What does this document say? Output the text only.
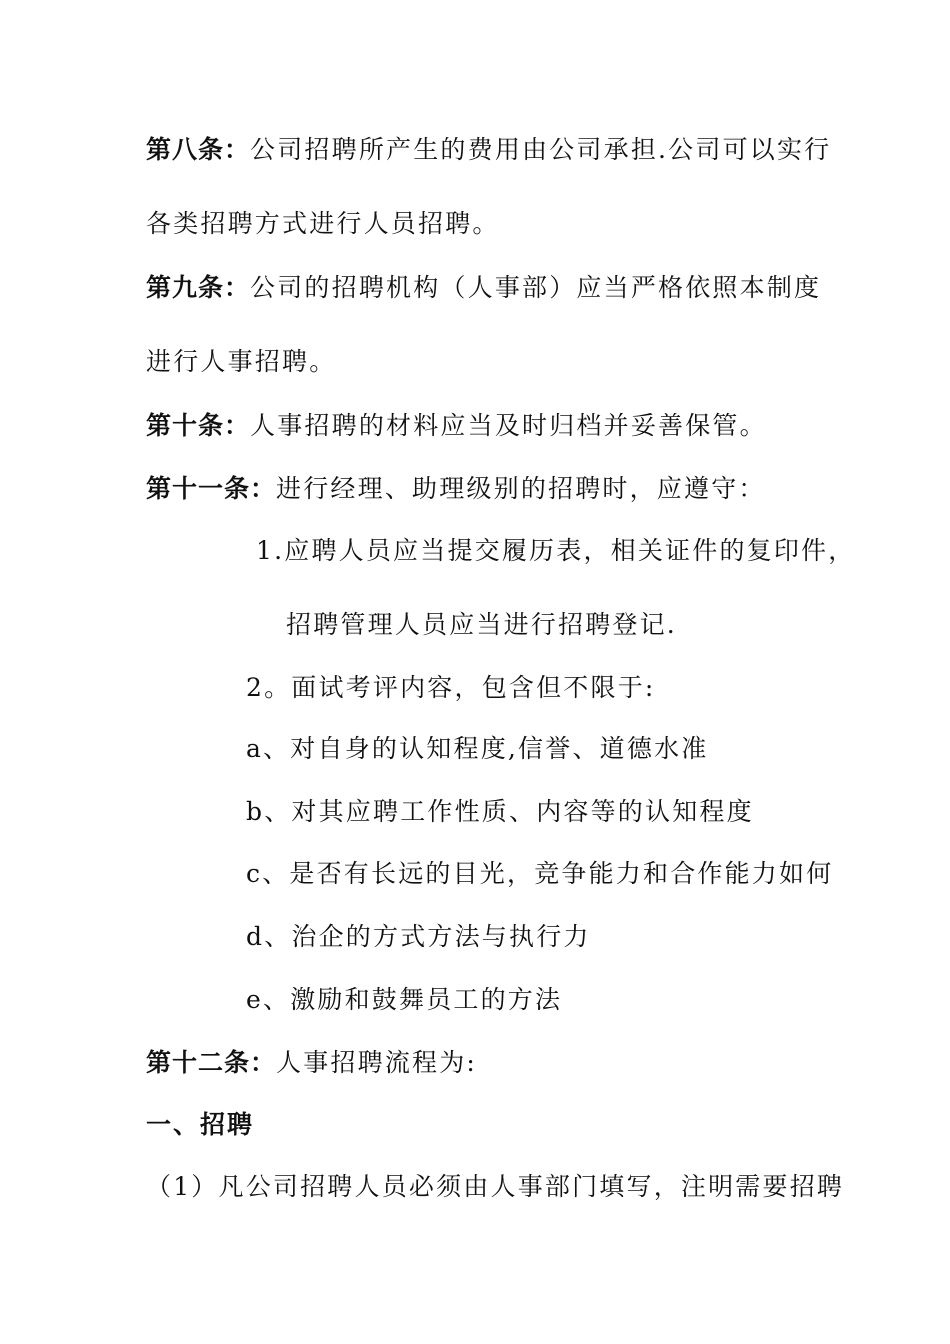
第八条：公司招聘所产生的费用由公司承担.公司可以实行
各类招聘方式进行人员招聘。
第九条：公司的招聘机构（人事部）应当严格依照本制度
进行人事招聘。
第十条：人事招聘的材料应当及时归档并妥善保管。
第十一条：进行经理、助理级别的招聘时，应遵守：
1.应聘人员应当提交履历表，相关证件的复印件，
招聘管理人员应当进行招聘登记.
2。面试考评内容，包含但不限于:
a、对自身的认知程度,信誉、道德水准
b、对其应聘工作性质、内容等的认知程度
c、是否有长远的目光，竞争能力和合作能力如何
d、治企的方式方法与执行力
e、激励和鼓舞员工的方法
第十二条：人事招聘流程为:
一、招聘
（1）凡公司招聘人员必须由人事部门填写，注明需要招聘
